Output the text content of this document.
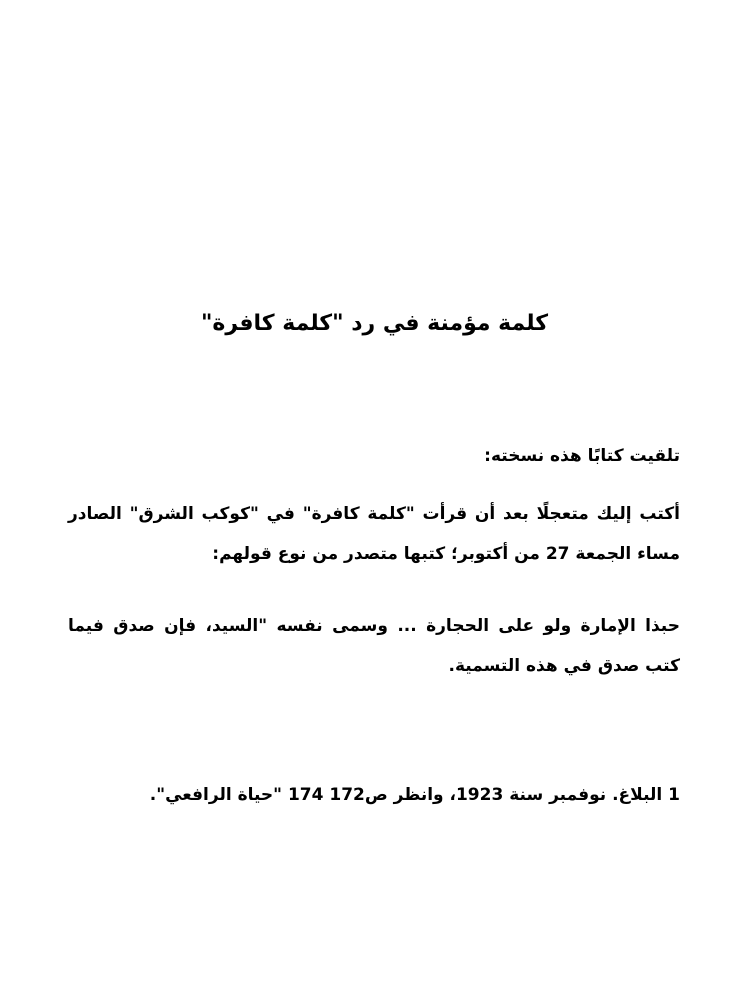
كلمة مؤمنة في رد "كلمة كافرة"

تلقيت كتابًا هذه نسخته:

أكتب إليك متعجلًا بعد أن قرأت "كلمة كافرة" في "كوكب الشرق" الصادر مساء الجمعة 27 من أكتوبر؛ كتبها متصدر من نوع قولهم:

حبذا الإمارة ولو على الحجارة ... وسمى نفسه "السيد، فإن صدق فيما كتب صدق في هذه التسمية.

1 البلاغ. نوفمبر سنة 1923، وانظر ص172 174 "حياة الرافعي".
